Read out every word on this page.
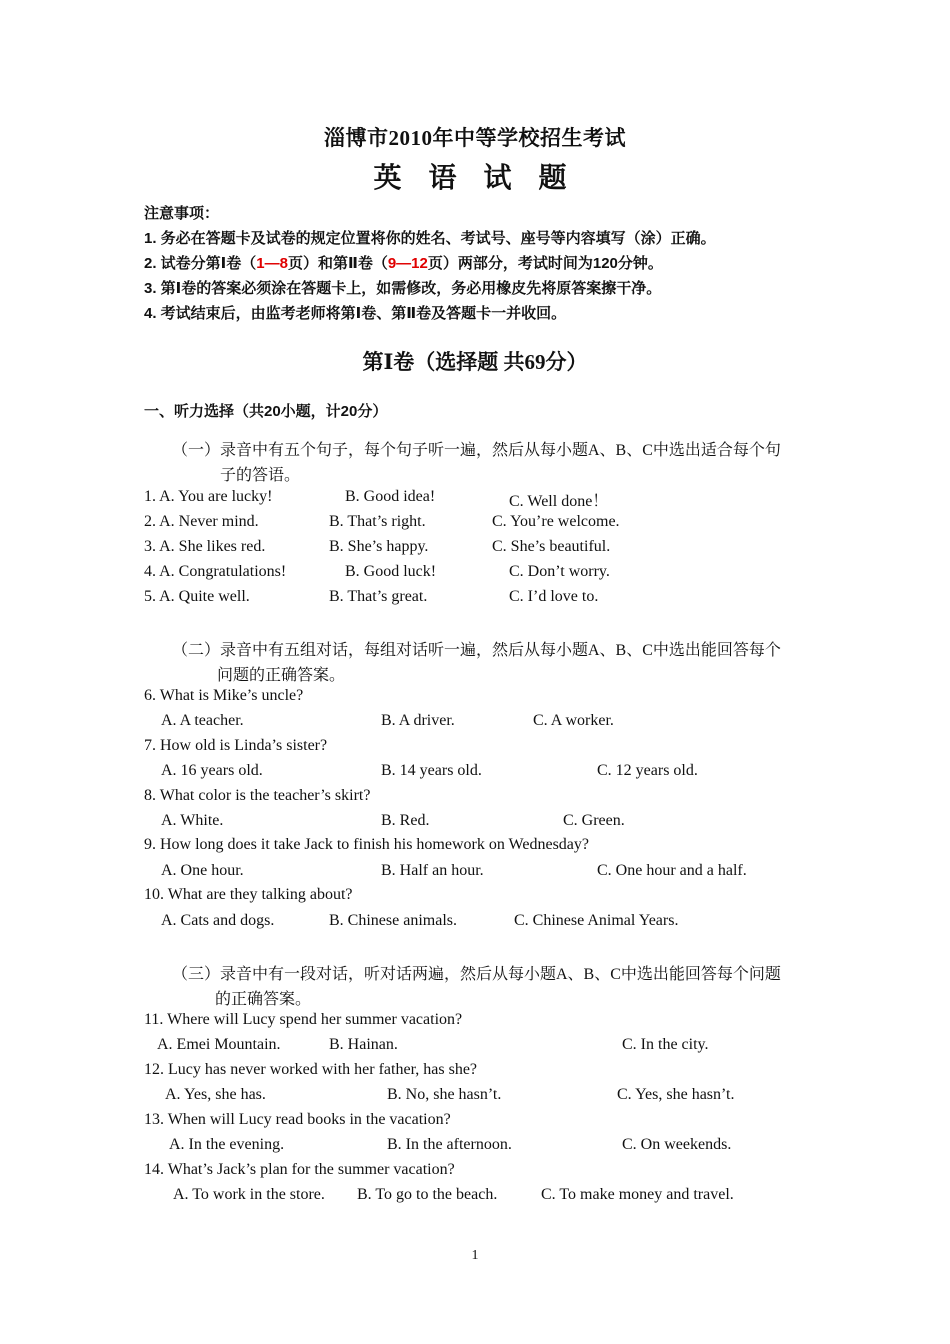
淄博市2010年中等学校招生考试
英 语 试 题
注意事项：
1. 务必在答题卡及试卷的规定位置将你的姓名、考试号、座号等内容填写（涂）正确。
2. 试卷分第Ⅰ卷（1—8页）和第Ⅱ卷（9—12页）两部分，考试时间为120分钟。
3. 第Ⅰ卷的答案必须涂在答题卡上，如需修改，务必用橡皮先将原答案擦干净。
4. 考试结束后，由监考老师将第Ⅰ卷、第Ⅱ卷及答题卡一并收回。
第Ⅰ卷（选择题 共69分）
一、听力选择（共20小题，计20分）
（一）录音中有五个句子，每个句子听一遍，然后从每小题A、B、C中选出适合每个句
子的答语。
1. A. You are lucky!	B. Good idea!	C. Well done！
2. A. Never mind.	B. That’s right.	C. You’re welcome.
3. A. She likes red.	B. She’s happy.	C. She’s beautiful.
4. A. Congratulations!	B. Good luck!	C. Don’t worry.
5. A. Quite well.	B. That’s great.	C. I’d love to.
（二）录音中有五组对话，每组对话听一遍，然后从每小题A、B、C中选出能回答每个
问题的正确答案。
6. What is Mike’s uncle?
A. A teacher.	B. A driver.	C. A worker.
7. How old is Linda’s sister?
A. 16 years old.	B. 14 years old.	C. 12 years old.
8. What color is the teacher’s skirt?
A. White.	B. Red.	C. Green.
9. How long does it take Jack to finish his homework on Wednesday?
A. One hour.	B. Half an hour.	C. One hour and a half.
10. What are they talking about?
A. Cats and dogs.	B. Chinese animals.	C. Chinese Animal Years.
（三）录音中有一段对话，听对话两遍，然后从每小题A、B、C中选出能回答每个问题
的正确答案。
11. Where will Lucy spend her summer vacation?
A. Emei Mountain.	B. Hainan.	C. In the city.
12. Lucy has never worked with her father, has she?
A. Yes, she has.	B. No, she hasn’t.	C. Yes, she hasn’t.
13. When will Lucy read books in the vacation?
A. In the evening.	B. In the afternoon.	C. On weekends.
14. What’s Jack’s plan for the summer vacation?
A. To work in the store. B. To go to the beach.	C. To make money and travel.
1
